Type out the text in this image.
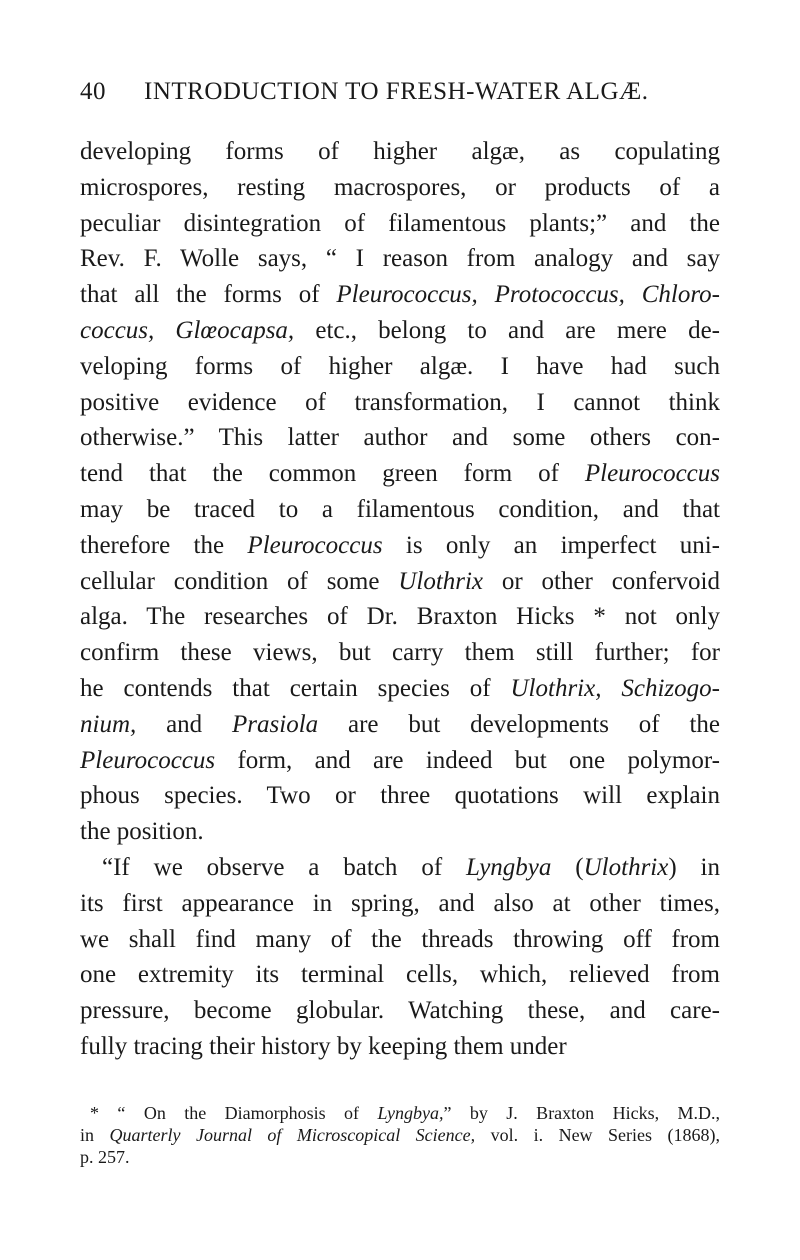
40	INTRODUCTION TO FRESH-WATER ALGÆ.
developing forms of higher algæ, as copulating
microspores, resting macrospores, or products of a
peculiar disintegration of filamentous plants;” and the
Rev. F. Wolle says, “ I reason from analogy and say
that all the forms of Pleurococcus, Protococcus, Chloro-
coccus, Glœocapsa, etc., belong to and are mere de-
veloping forms of higher algæ. I have had such
positive evidence of transformation, I cannot think
otherwise.” This latter author and some others con-
tend that the common green form of Pleurococcus
may be traced to a filamentous condition, and that
therefore the Pleurococcus is only an imperfect uni-
cellular condition of some Ulothrix or other confervoid
alga. The researches of Dr. Braxton Hicks * not only
confirm these views, but carry them still further; for
he contends that certain species of Ulothrix, Schizogo-
nium, and Prasiola are but developments of the
Pleurococcus form, and are indeed but one polymor-
phous species. Two or three quotations will explain
the position.
“If we observe a batch of Lyngbya (Ulothrix) in
its first appearance in spring, and also at other times,
we shall find many of the threads throwing off from
one extremity its terminal cells, which, relieved from
pressure, become globular. Watching these, and care-
fully tracing their history by keeping them under
* “ On the Diamorphosis of Lyngbya,” by J. Braxton Hicks, M.D.,
in Quarterly Journal of Microscopical Science, vol. i. New Series (1868),
p. 257.
